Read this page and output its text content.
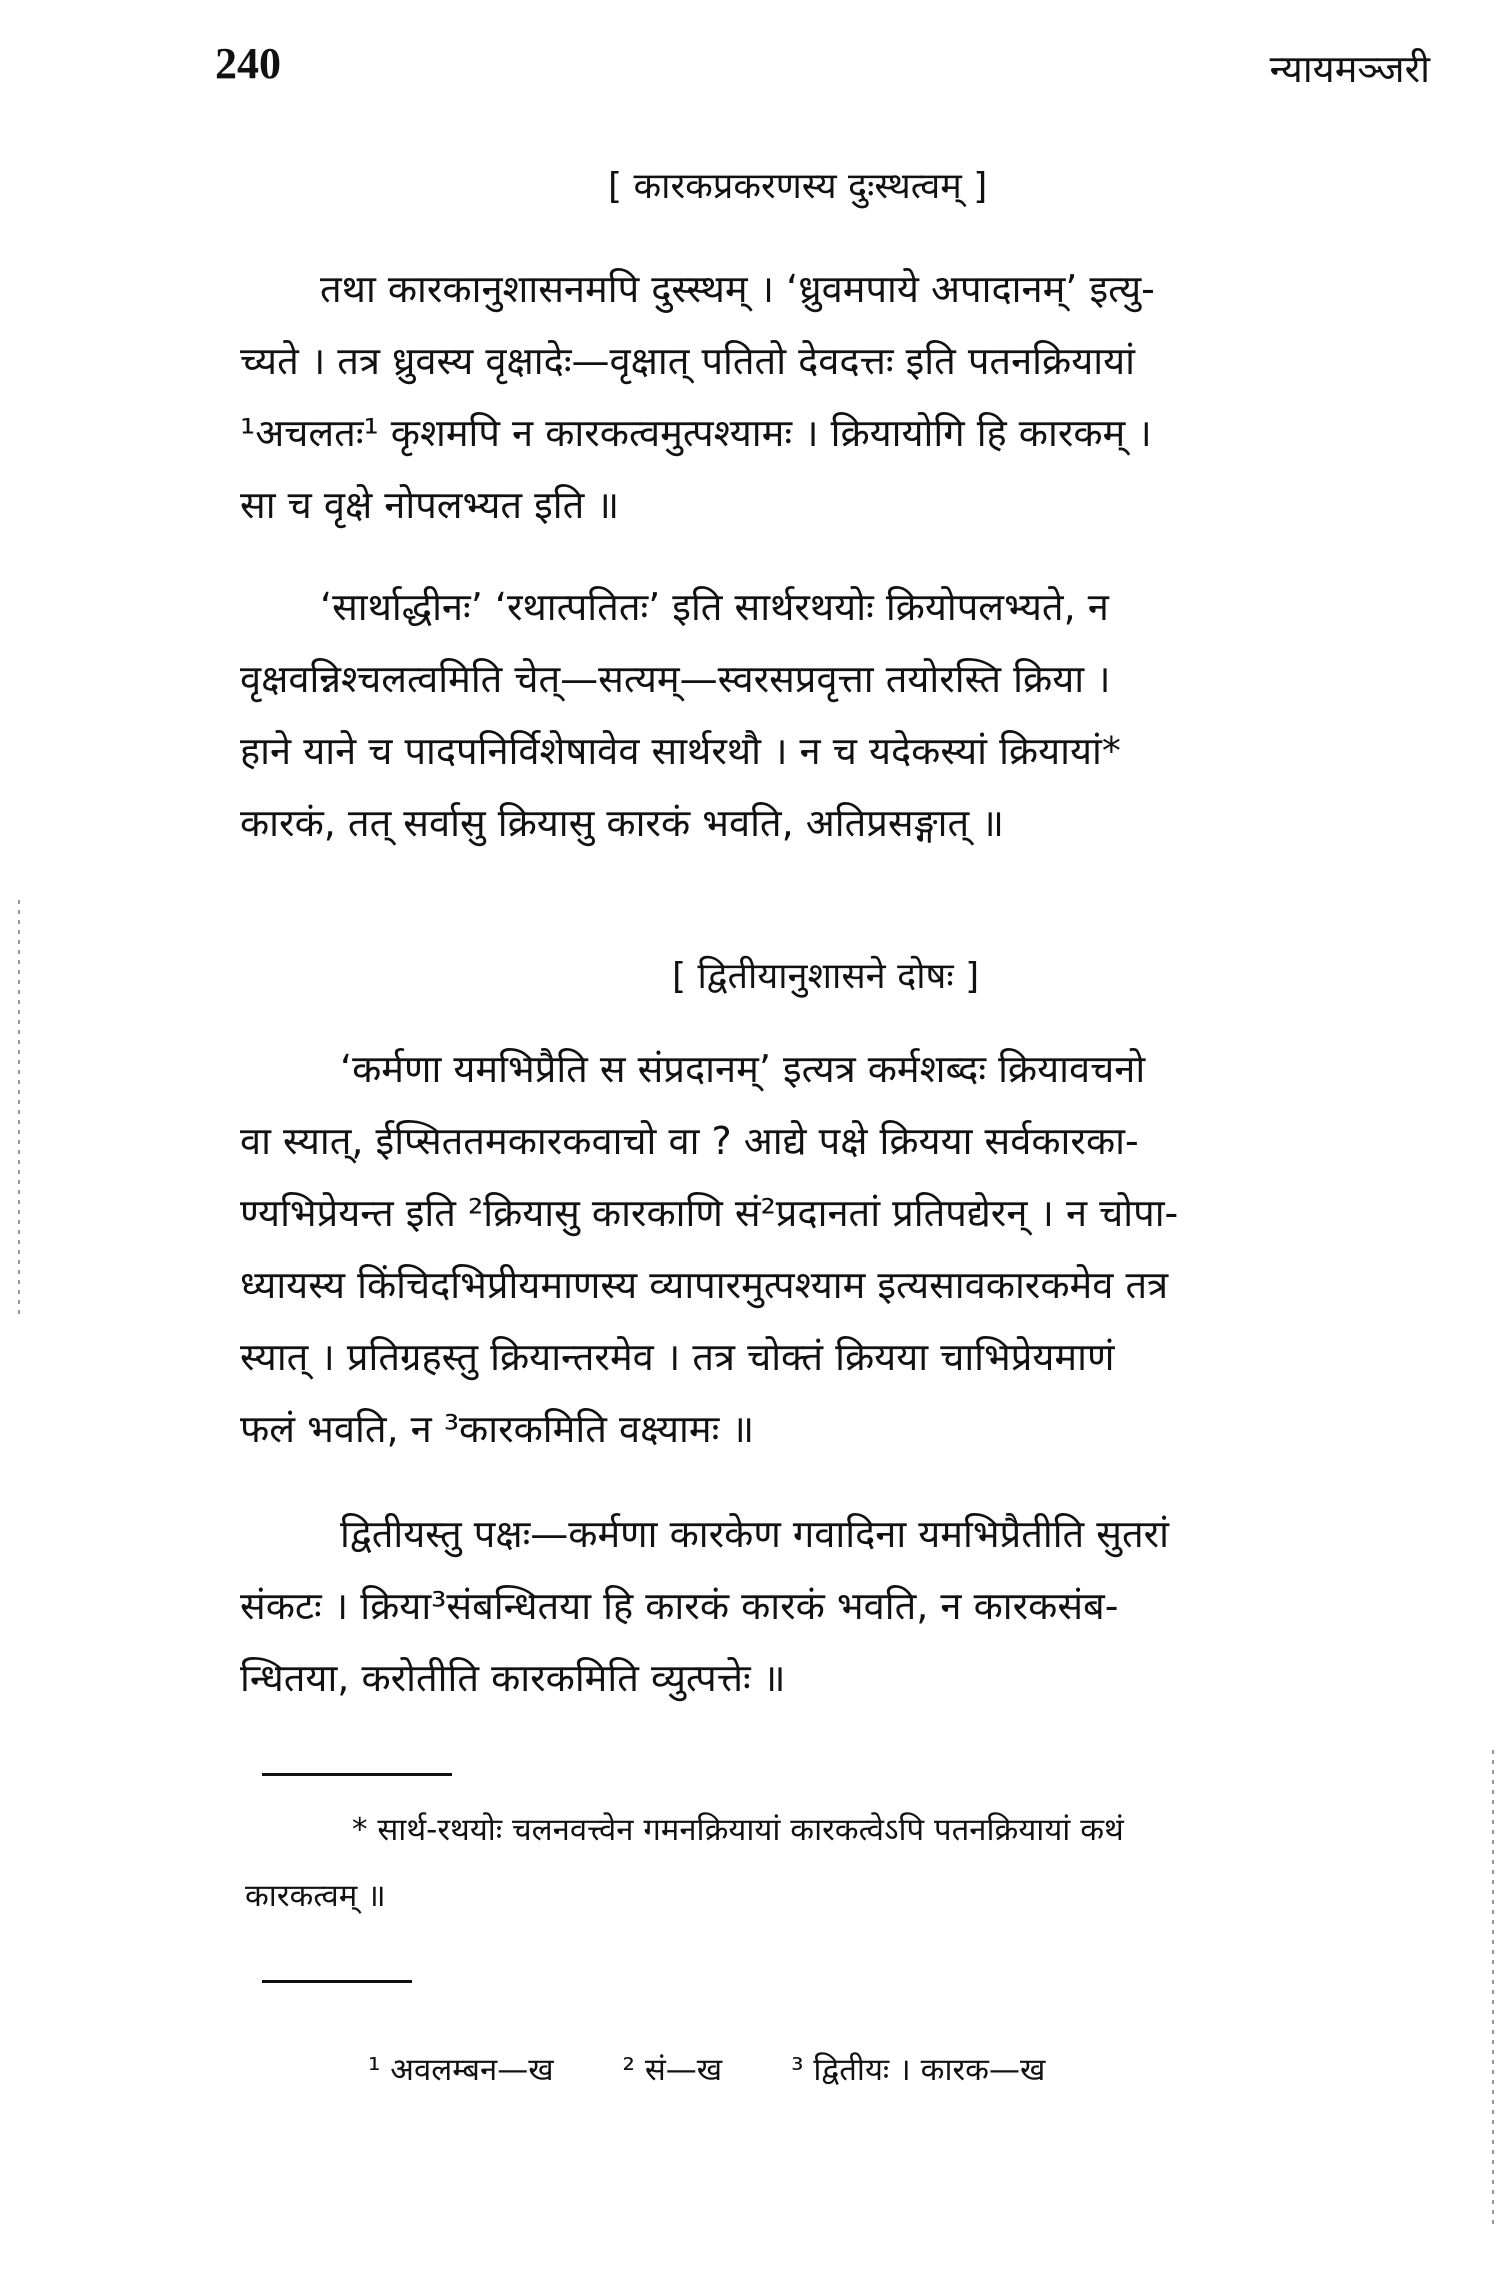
240	न्यायमञ्जरी
[ कारकप्रकरणस्य दुःस्थत्वम् ]
तथा कारकानुशासनमपि दुस्स्थम् । ‘ध्रुवमपाये अपादानम्’ इत्यु-
च्यते । तत्र ध्रुवस्य वृक्षादेः—वृक्षात् पतितो देवदत्तः इति पतनक्रियायां
¹अचलतः¹ कृशमपि न कारकत्वमुत्पश्यामः । क्रियायोगि हि कारकम् ।
सा च वृक्षे नोपलभ्यत इति ॥
‘सार्थाद्धीनः’ ‘रथात्पतितः’ इति सार्थरथयोः क्रियोपलभ्यते, न
वृक्षवन्निश्चलत्वमिति चेत्—सत्यम्—स्वरसप्रवृत्ता तयोरस्ति क्रिया ।
हाने याने च पादपनिर्विशेषावेव सार्थरथौ । न च यदेकस्यां क्रियायां*
कारकं, तत् सर्वासु क्रियासु कारकं भवति, अतिप्रसङ्गात् ॥
[ द्वितीयानुशासने दोषः ]
‘कर्मणा यमभिप्रैति स संप्रदानम्’ इत्यत्र कर्मशब्दः क्रियावचनो
वा स्यात्, ईप्सिततमकारकवाचो वा ? आद्ये पक्षे क्रियया सर्वकारका-
ण्यभिप्रेयन्त इति ²क्रियासु कारकाणि सं²प्रदानतां प्रतिपद्येरन् । न चोपा-
ध्यायस्य किंचिदभिप्रीयमाणस्य व्यापारमुत्पश्याम इत्यसावकारकमेव तत्र
स्यात् । प्रतिग्रहस्तु क्रियान्तरमेव । तत्र चोक्तं क्रियया चाभिप्रेयमाणं
फलं भवति, न ³कारकमिति वक्ष्यामः ॥
द्वितीयस्तु पक्षः—कर्मणा कारकेण गवादिना यमभिप्रैतीति सुतरां
संकटः । क्रिया³संबन्धितया हि कारकं कारकं भवति, न कारकसंब-
न्धितया, करोतीति कारकमिति व्युत्पत्तेः ॥
* सार्थ-रथयोः चलनवत्त्वेन गमनक्रियायां कारकत्वेऽपि पतनक्रियायां कथं
कारकत्वम् ॥
¹ अवलम्बन—ख       ² सं—ख       ³ द्वितीयः । कारक—ख
